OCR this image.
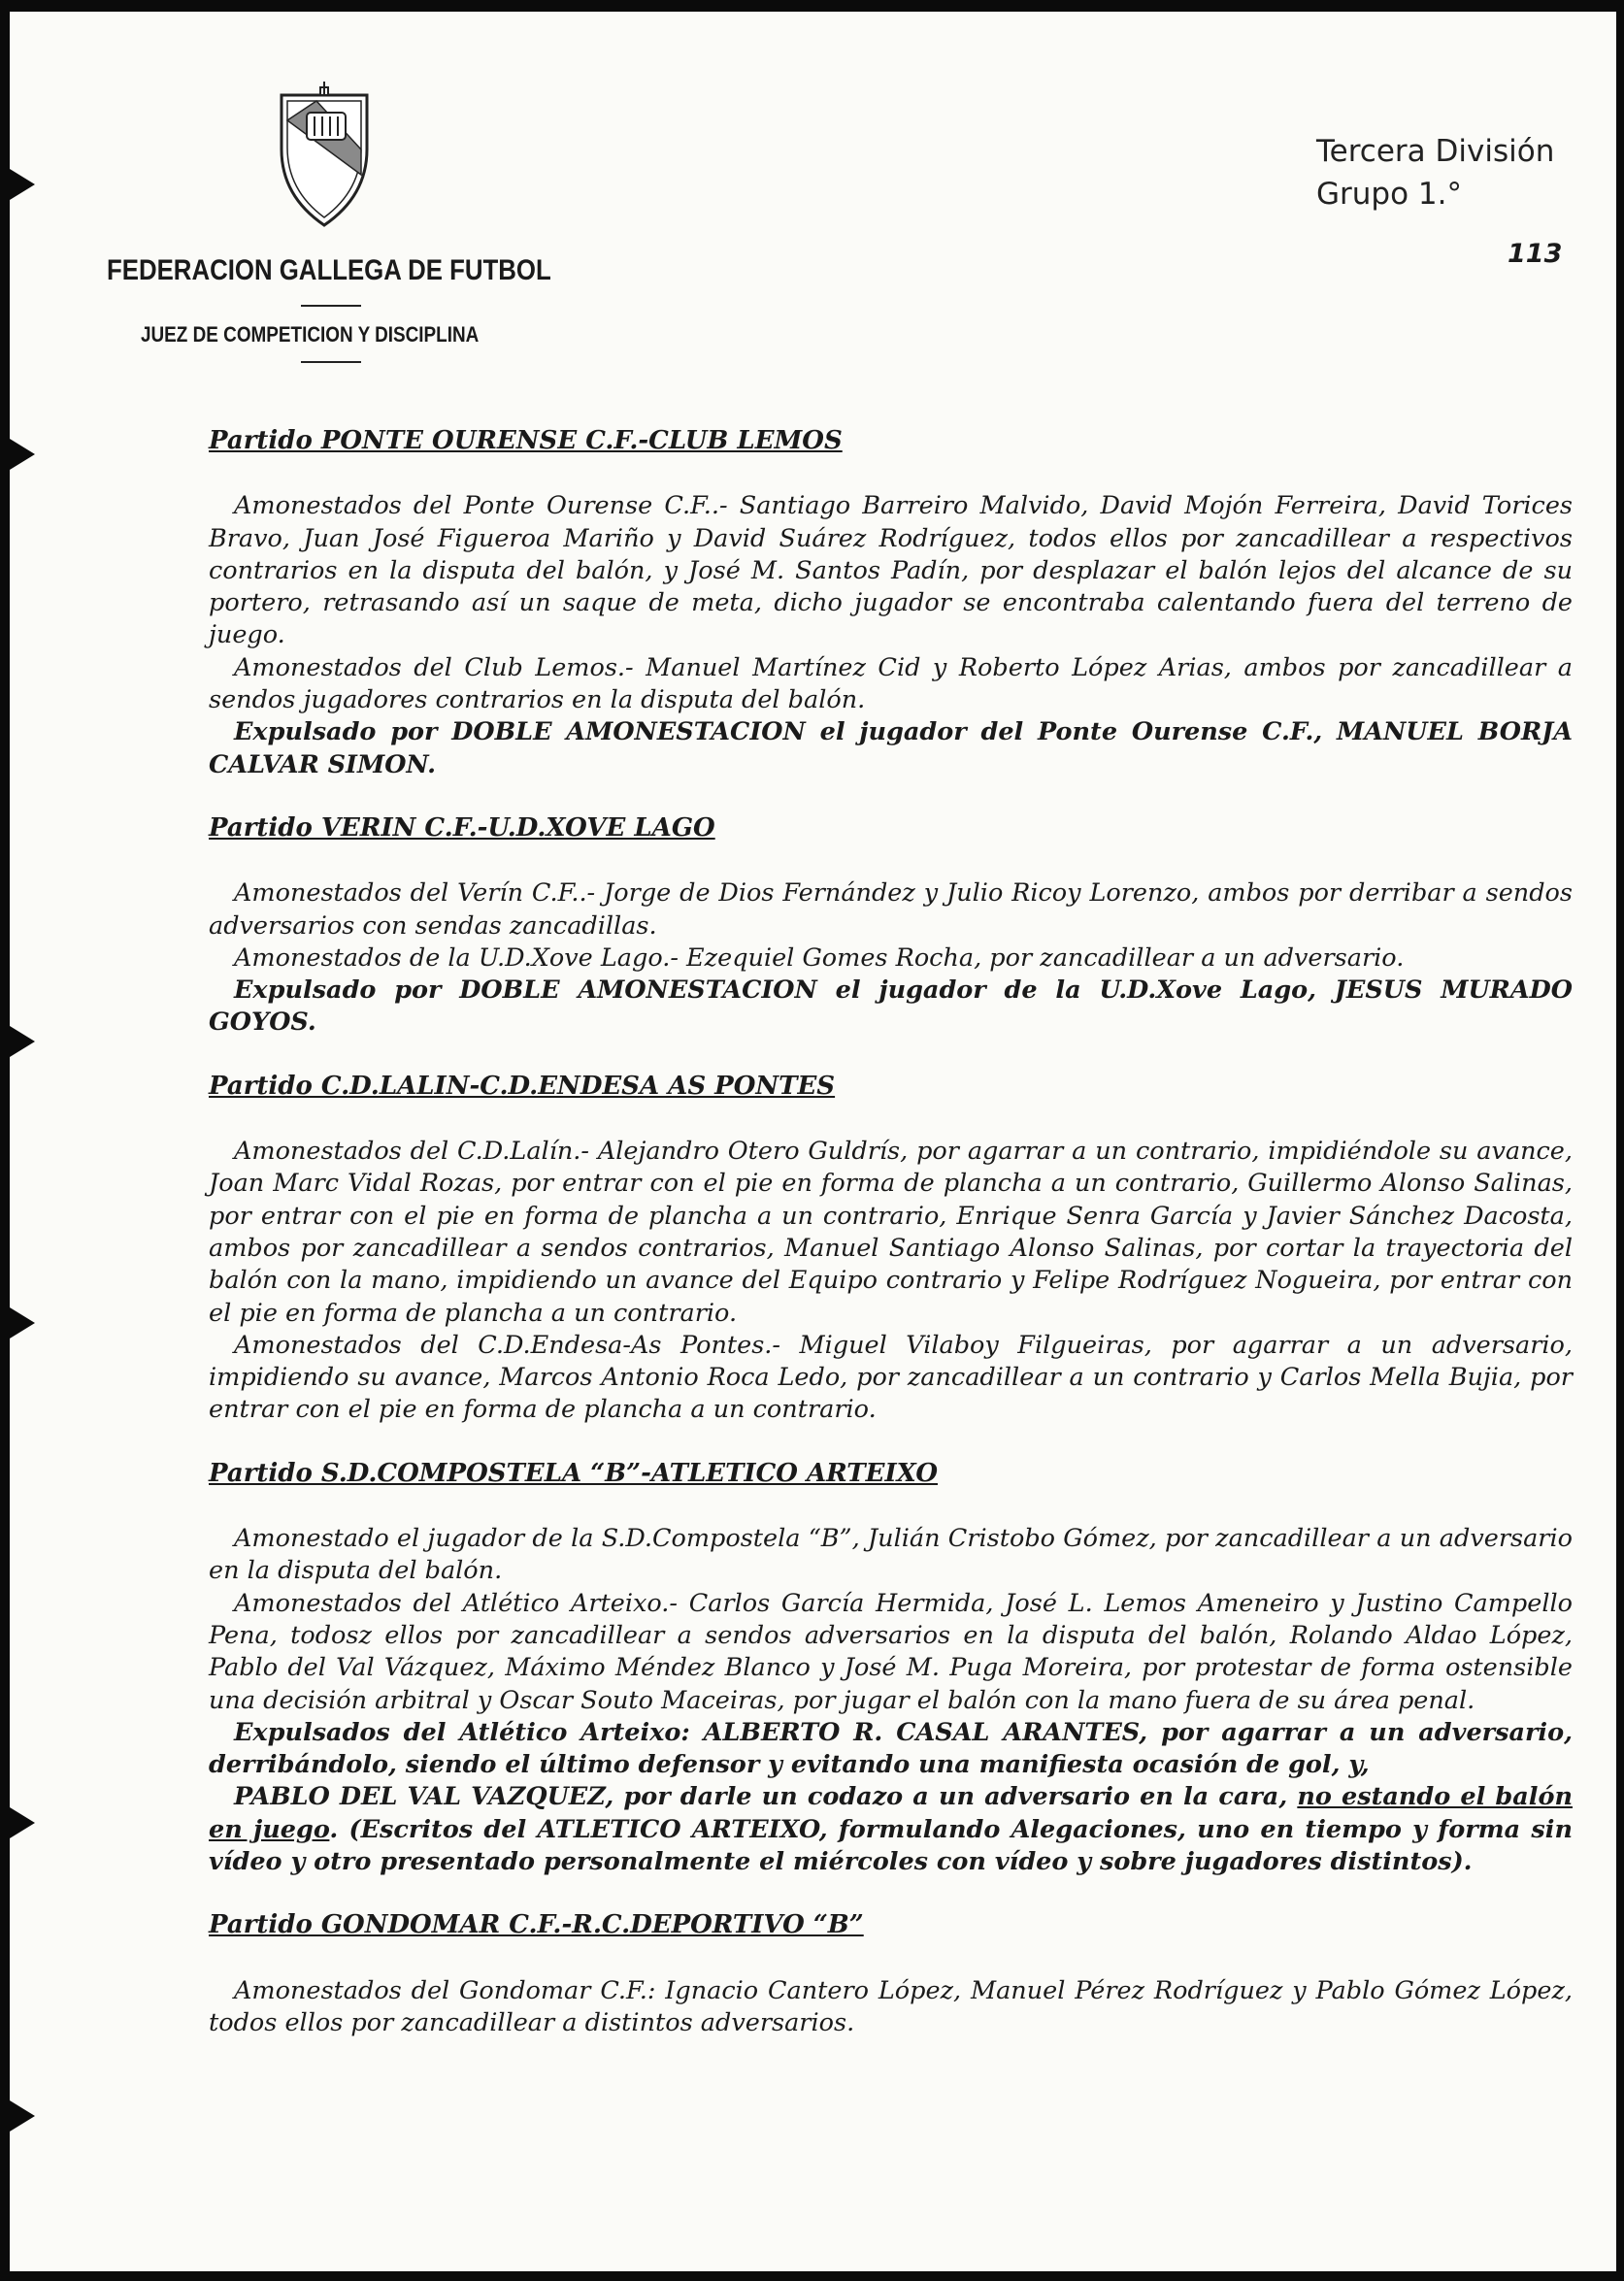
FEDERACION GALLEGA DE FUTBOL
JUEZ DE COMPETICION Y DISCIPLINA
Tercera División
Grupo 1.°
113
Partido PONTE OURENSE C.F.-CLUB LEMOS

Amonestados del Ponte Ourense C.F..- Santiago Barreiro Malvido, David Mojón Ferreira, David Torices Bravo, Juan José Figueroa Mariño y David Suárez Rodríguez, todos ellos por zancadillear a respectivos contrarios en la disputa del balón, y José M. Santos Padín, por desplazar el balón lejos del alcance de su portero, retrasando así un saque de meta, dicho jugador se encontraba calentando fuera del terreno de juego.

Amonestados del Club Lemos.- Manuel Martínez Cid y Roberto López Arias, ambos por zancadillear a sendos jugadores contrarios en la disputa del balón.

Expulsado por DOBLE AMONESTACION el jugador del Ponte Ourense C.F., MANUEL BORJA CALVAR SIMON.

Partido VERIN C.F.-U.D.XOVE LAGO

Amonestados del Verín C.F..- Jorge de Dios Fernández y Julio Ricoy Lorenzo, ambos por derribar a sendos adversarios con sendas zancadillas.

Amonestados de la U.D.Xove Lago.- Ezequiel Gomes Rocha, por zancadillear a un adversario.

Expulsado por DOBLE AMONESTACION el jugador de la U.D.Xove Lago, JESUS MURADO GOYOS.

Partido C.D.LALIN-C.D.ENDESA AS PONTES

Amonestados del C.D.Lalín.- Alejandro Otero Guldrís, por agarrar a un contrario, impidiéndole su avance, Joan Marc Vidal Rozas, por entrar con el pie en forma de plancha a un contrario, Guillermo Alonso Salinas, por entrar con el pie en forma de plancha a un contrario, Enrique Senra García y Javier Sánchez Dacosta, ambos por zancadillear a sendos contrarios, Manuel Santiago Alonso Salinas, por cortar la trayectoria del balón con la mano, impidiendo un avance del Equipo contrario y Felipe Rodríguez Nogueira, por entrar con el pie en forma de plancha a un contrario.

Amonestados del C.D.Endesa-As Pontes.- Miguel Vilaboy Filgueiras, por agarrar a un adversario, impidiendo su avance, Marcos Antonio Roca Ledo, por zancadillear a un contrario y Carlos Mella Bujia, por entrar con el pie en forma de plancha a un contrario.

Partido S.D.COMPOSTELA “B”-ATLETICO ARTEIXO

Amonestado el jugador de la S.D.Compostela “B”, Julián Cristobo Gómez, por zancadillear a un adversario en la disputa del balón.

Amonestados del Atlético Arteixo.- Carlos García Hermida, José L. Lemos Ameneiro y Justino Campello Pena, todosz ellos por zancadillear a sendos adversarios en la disputa del balón, Rolando Aldao López, Pablo del Val Vázquez, Máximo Méndez Blanco y José M. Puga Moreira, por protestar de forma ostensible una decisión arbitral y Oscar Souto Maceiras, por jugar el balón con la mano fuera de su área penal.

Expulsados del Atlético Arteixo: ALBERTO R. CASAL ARANTES, por agarrar a un adversario, derribándolo, siendo el último defensor y evitando una manifiesta ocasión de gol, y,

PABLO DEL VAL VAZQUEZ, por darle un codazo a un adversario en la cara, no estando el balón en juego. (Escritos del ATLETICO ARTEIXO, formulando Alegaciones, uno en tiempo y forma sin vídeo y otro presentado personalmente el miércoles con vídeo y sobre jugadores distintos).

Partido GONDOMAR C.F.-R.C.DEPORTIVO “B”

Amonestados del Gondomar C.F.: Ignacio Cantero López, Manuel Pérez Rodríguez y Pablo Gómez López, todos ellos por zancadillear a distintos adversarios.
